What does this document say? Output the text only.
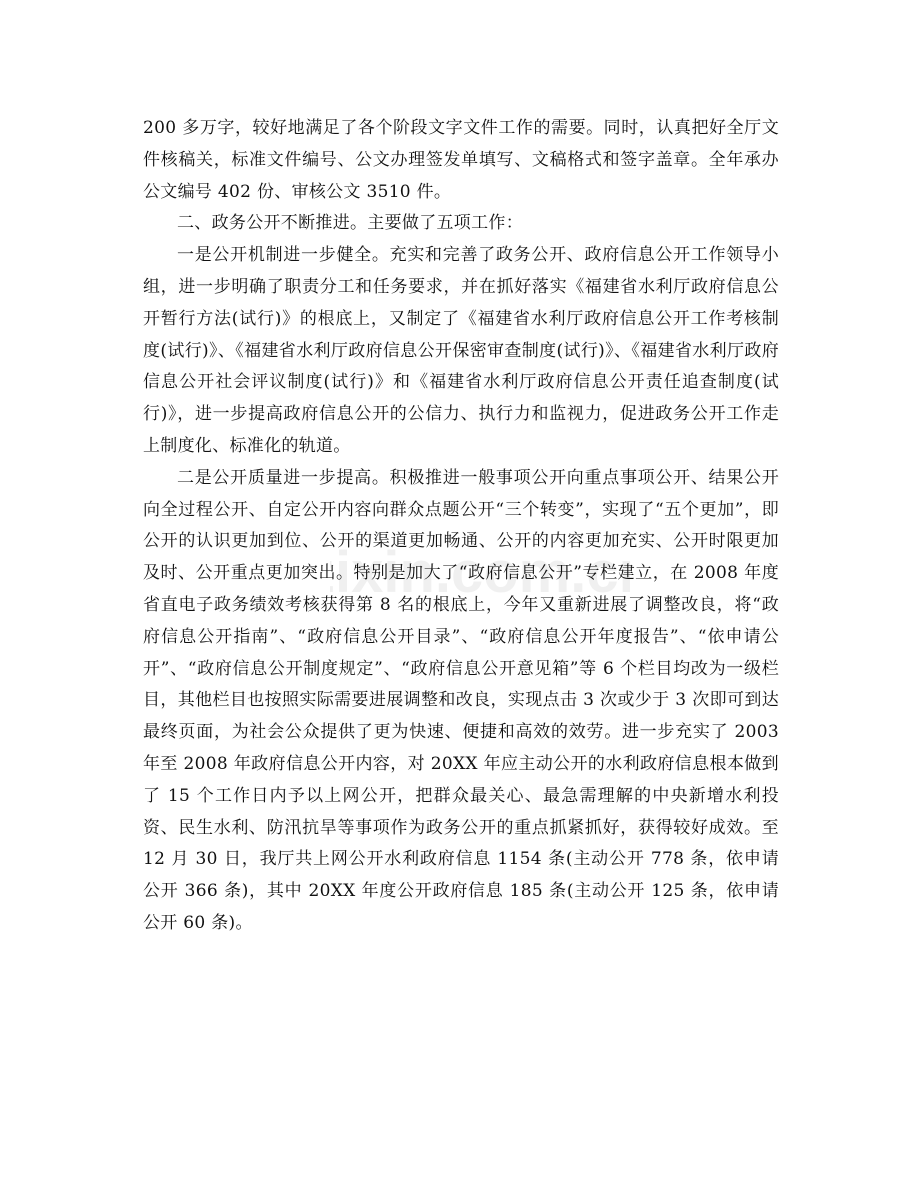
200 多万字，较好地满足了各个阶段文字文件工作的需要。同时，认真把好全厅文件核稿关，标准文件编号、公文办理签发单填写、文稿格式和签字盖章。全年承办公文编号 402 份、审核公文 3510 件。

二、政务公开不断推进。主要做了五项工作：

一是公开机制进一步健全。充实和完善了政务公开、政府信息公开工作领导小组，进一步明确了职责分工和任务要求，并在抓好落实《福建省水利厅政府信息公开暂行方法(试行)》的根底上，又制定了《福建省水利厅政府信息公开工作考核制度(试行)》、《福建省水利厅政府信息公开保密审查制度(试行)》、《福建省水利厅政府信息公开社会评议制度(试行)》和《福建省水利厅政府信息公开责任追查制度(试行)》，进一步提高政府信息公开的公信力、执行力和监视力，促进政务公开工作走上制度化、标准化的轨道。

二是公开质量进一步提高。积极推进一般事项公开向重点事项公开、结果公开向全过程公开、自定公开内容向群众点题公开“三个转变”，实现了“五个更加”，即公开的认识更加到位、公开的渠道更加畅通、公开的内容更加充实、公开时限更加及时、公开重点更加突出。特别是加大了“政府信息公开”专栏建立，在 2008 年度省直电子政务绩效考核获得第 8 名的根底上，今年又重新进展了调整改良，将“政府信息公开指南”、“政府信息公开目录”、“政府信息公开年度报告”、“依申请公开”、“政府信息公开制度规定”、“政府信息公开意见箱”等 6 个栏目均改为一级栏目，其他栏目也按照实际需要进展调整和改良，实现点击 3 次或少于 3 次即可到达最终页面，为社会公众提供了更为快速、便捷和高效的效劳。进一步充实了 2003 年至 2008 年政府信息公开内容，对 20XX 年应主动公开的水利政府信息根本做到了 15 个工作日内予以上网公开，把群众最关心、最急需理解的中央新增水利投资、民生水利、防汛抗旱等事项作为政务公开的重点抓紧抓好，获得较好成效。至 12 月 30 日，我厅共上网公开水利政府信息 1154 条(主动公开 778 条，依申请公开 366 条)，其中 20XX 年度公开政府信息 185 条(主动公开 125 条，依申请公开 60 条)。

ixin.com.c
